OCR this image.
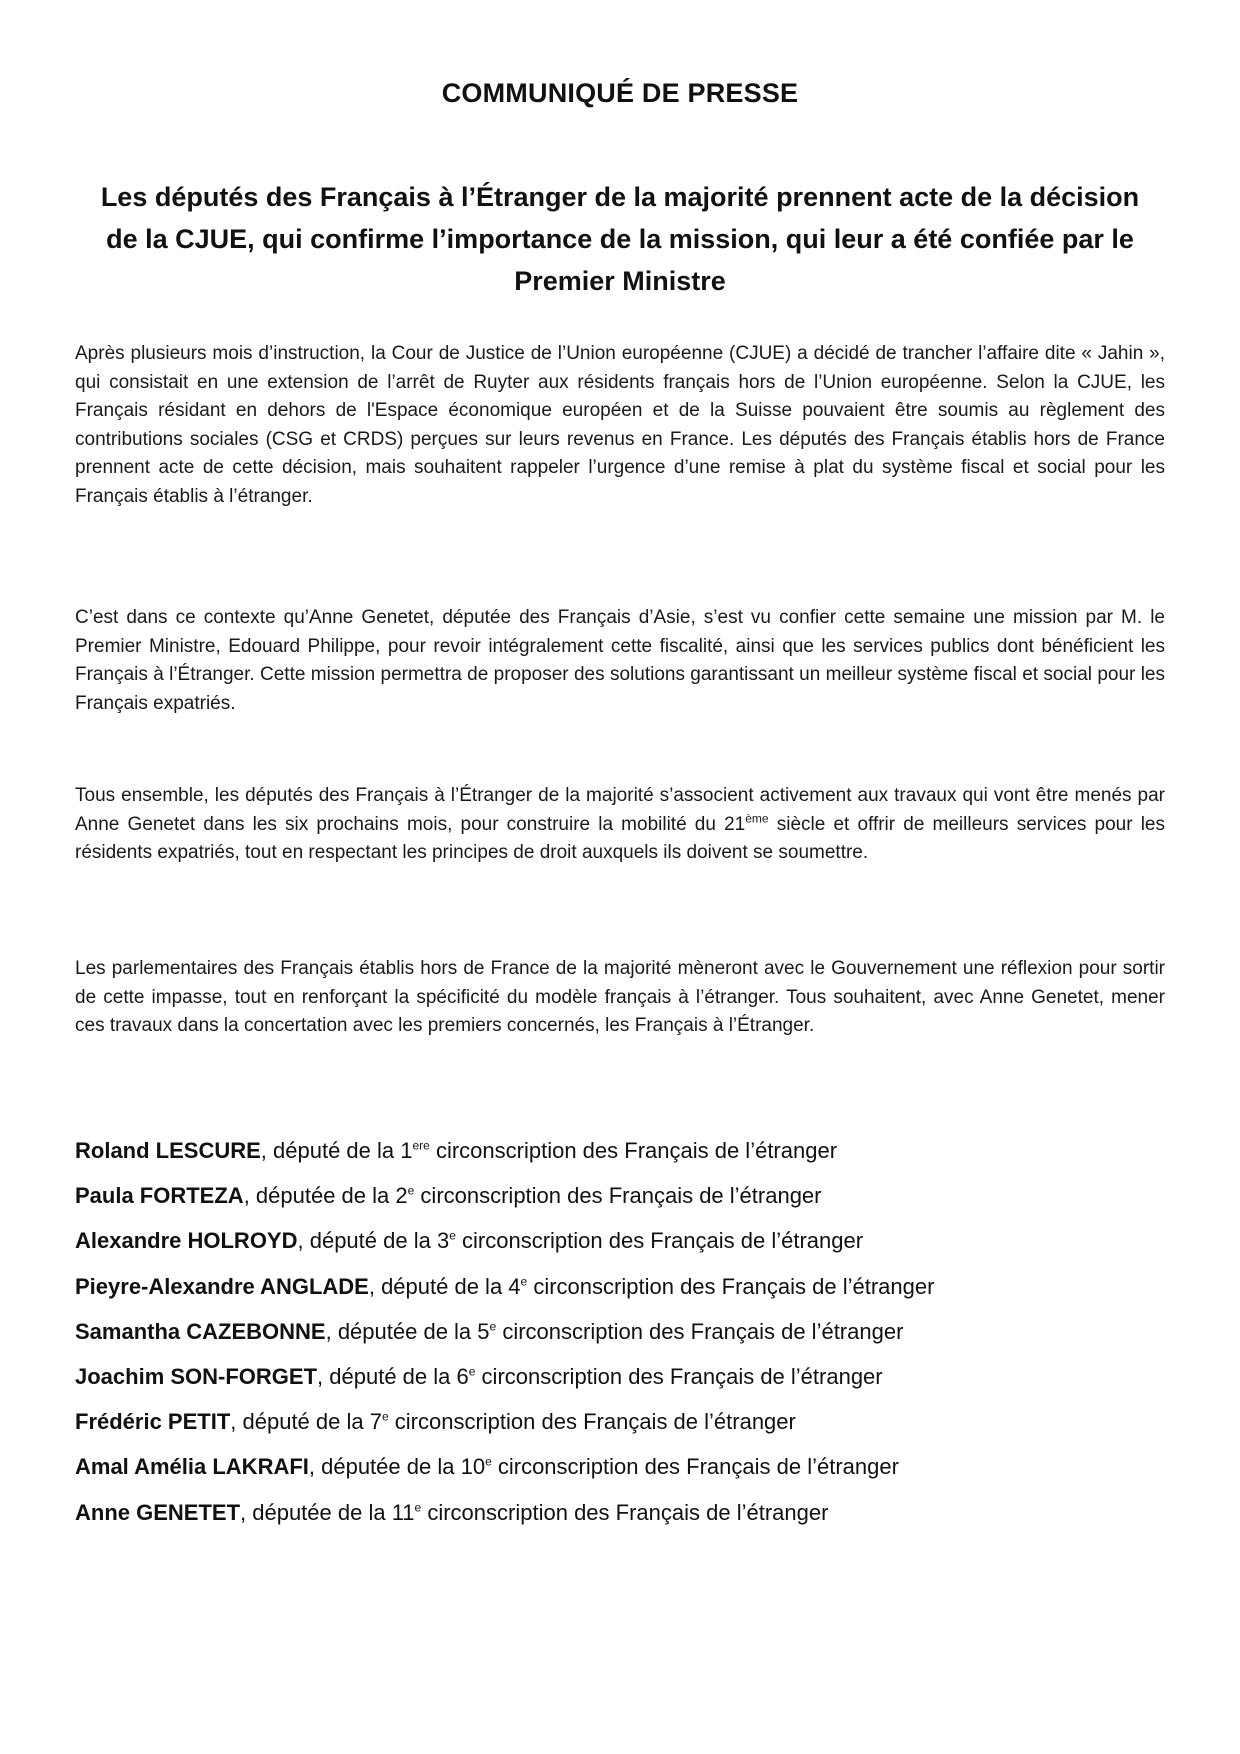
COMMUNIQUÉ DE PRESSE
Les députés des Français à l’Étranger de la majorité prennent acte de la décision de la CJUE, qui confirme l’importance de la mission, qui leur a été confiée par le Premier Ministre

Après plusieurs mois d’instruction, la Cour de Justice de l’Union européenne (CJUE) a décidé de trancher l’affaire dite « Jahin », qui consistait en une extension de l’arrêt de Ruyter aux résidents français hors de l’Union européenne. Selon la CJUE, les Français résidant en dehors de l'Espace économique européen et de la Suisse pouvaient être soumis au règlement des contributions sociales (CSG et CRDS) perçues sur leurs revenus en France. Les députés des Français établis hors de France prennent acte de cette décision, mais souhaitent rappeler l’urgence d’une remise à plat du système fiscal et social pour les Français établis à l’étranger.

C’est dans ce contexte qu’Anne Genetet, députée des Français d’Asie, s’est vu confier cette semaine une mission par M. le Premier Ministre, Edouard Philippe, pour revoir intégralement cette fiscalité, ainsi que les services publics dont bénéficient les Français à l’Étranger. Cette mission permettra de proposer des solutions garantissant un meilleur système fiscal et social pour les Français expatriés.

Tous ensemble, les députés des Français à l’Étranger de la majorité s’associent activement aux travaux qui vont être menés par Anne Genetet dans les six prochains mois, pour construire la mobilité du 21ème siècle et offrir de meilleurs services pour les résidents expatriés, tout en respectant les principes de droit auxquels ils doivent se soumettre.

Les parlementaires des Français établis hors de France de la majorité mèneront avec le Gouvernement une réflexion pour sortir de cette impasse, tout en renforçant la spécificité du modèle français à l’étranger. Tous souhaitent, avec Anne Genetet, mener ces travaux dans la concertation avec les premiers concernés, les Français à l’Étranger.

Roland LESCURE, député de la 1ere circonscription des Français de l’étranger
Paula FORTEZA, députée de la 2e circonscription des Français de l’étranger
Alexandre HOLROYD, député de la 3e circonscription des Français de l’étranger
Pieyre-Alexandre ANGLADE, député de la 4e circonscription des Français de l’étranger
Samantha CAZEBONNE, députée de la 5e circonscription des Français de l’étranger
Joachim SON-FORGET, député de la 6e circonscription des Français de l’étranger
Frédéric PETIT, député de la 7e circonscription des Français de l’étranger
Amal Amélia LAKRAFI, députée de la 10e circonscription des Français de l’étranger
Anne GENETET, députée de la 11e circonscription des Français de l’étranger
